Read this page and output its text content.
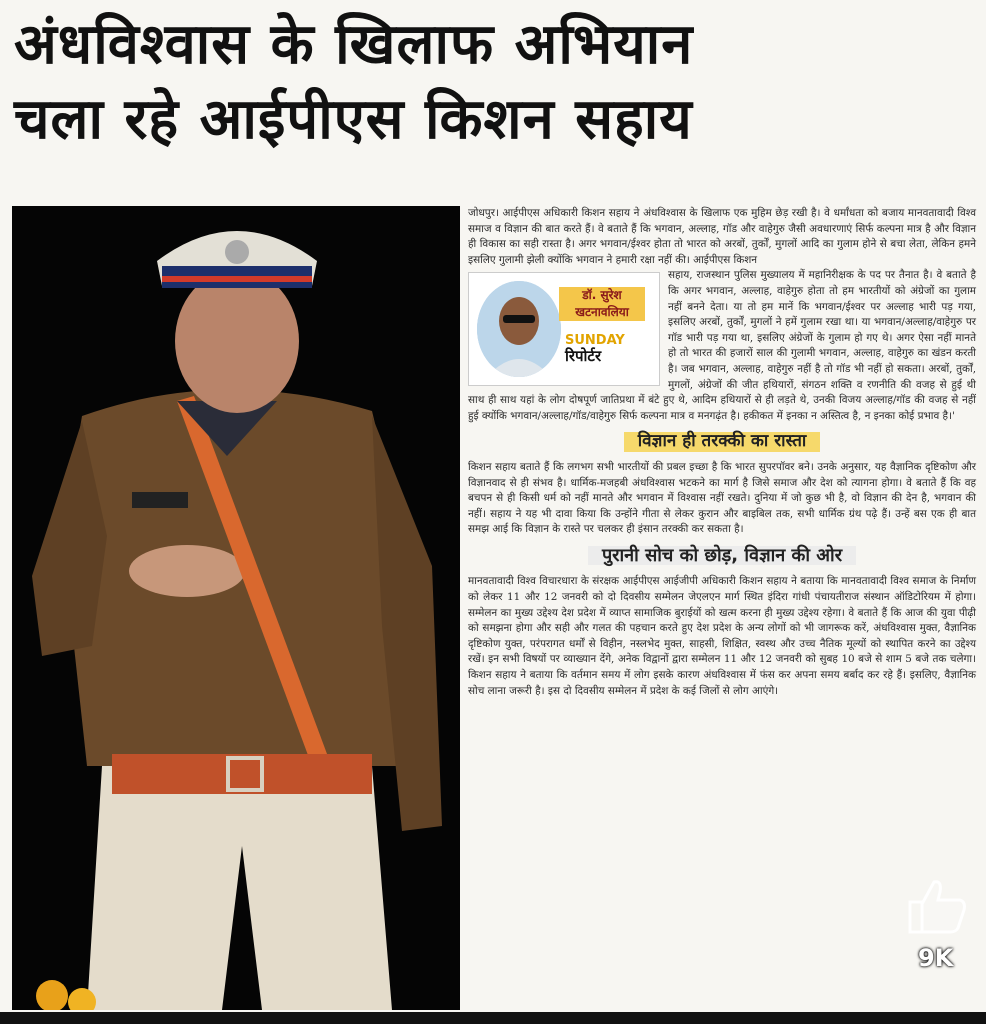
अंधविश्वास के खिलाफ अभियान
चला रहे आईपीएस किशन सहाय

जोधपुर। आईपीएस अधिकारी किशन सहाय ने अंधविश्वास के खिलाफ एक मुहिम छेड़ रखी है। वे धर्मांधता को बजाय मानवतावादी विश्व समाज व विज्ञान की बात करते हैं। वे बताते हैं कि भगवान, अल्लाह, गॉड और वाहेगुरु जैसी अवधारणाएं सिर्फ कल्पना मात्र है और विज्ञान ही विकास का सही रास्ता है। अगर भगवान/ईश्वर होता तो भारत को अरबों, तुर्कों, मुगलों आदि का गुलाम होने से बचा लेता, लेकिन हमने इसलिए गुलामी झेली क्योंकि भगवान ने हमारी रक्षा नहीं की। आईपीएस किशन

डॉ. सुरेश
खटनावलिया
SUNDAY
रिपोर्टर

सहाय, राजस्थान पुलिस मुख्यालय में महानिरीक्षक के पद पर तैनात है। वे बताते है कि अगर भगवान, अल्लाह, वाहेगुरु होता तो हम भारतीयों को अंग्रेजों का गुलाम नहीं बनने देता। या तो हम मानें कि भगवान/ईश्वर पर अल्लाह भारी पड़ गया, इसलिए अरबों, तुर्कों, मुगलों ने हमें गुलाम रखा था। या भगवान/अल्लाह/वाहेगुरु पर गॉड भारी पड़ गया था, इसलिए अंग्रेजों के गुलाम हो गए थे। अगर ऐसा नहीं मानते हो तो भारत की हजारों साल की गुलामी भगवान, अल्लाह, वाहेगुरु का खंडन करती है। जब भगवान, अल्लाह, वाहेगुरु नहीं है तो गॉड भी नहीं हो सकता। अरबों, तुर्कों, मुगलों, अंग्रेजों की जीत हथियारों, संगठन शक्ति व रणनीति की वजह से हुई थी साथ ही साथ यहां के लोग दोषपूर्ण जातिप्रथा में बंटे हुए थे, आदिम हथियारों से ही लड़ते थे, उनकी विजय अल्लाह/गॉड की वजह से नहीं हुई क्योंकि भगवान/अल्लाह/गॉड/वाहेगुरु सिर्फ कल्पना मात्र व मनगढ़ंत है। हकीकत में इनका न अस्तित्व है, न इनका कोई प्रभाव है।'

विज्ञान ही तरक्की का रास्ता

किशन सहाय बताते हैं कि लगभग सभी भारतीयों की प्रबल इच्छा है कि भारत सुपरपॉवर बने। उनके अनुसार, यह वैज्ञानिक दृष्टिकोण और विज्ञानवाद से ही संभव है। धार्मिक-मजहबी अंधविश्वास भटकने का मार्ग है जिसे समाज और देश को त्यागना होगा। वे बताते हैं कि वह बचपन से ही किसी धर्म को नहीं मानते और भगवान में विश्वास नहीं रखते। दुनिया में जो कुछ भी है, वो विज्ञान की देन है, भगवान की नहीं। सहाय ने यह भी दावा किया कि उन्होंने गीता से लेकर कुरान और बाइबिल तक, सभी धार्मिक ग्रंथ पढ़े हैं। उन्हें बस एक ही बात समझ आई कि विज्ञान के रास्ते पर चलकर ही इंसान तरक्की कर सकता है।

पुरानी सोच को छोड़, विज्ञान की ओर

मानवतावादी विश्व विचारधारा के संरक्षक आईपीएस आईजीपी अधिकारी किशन सहाय ने बताया कि मानवतावादी विश्व समाज के निर्माण को लेकर 11 और 12 जनवरी को दो दिवसीय सम्मेलन जेएलएन मार्ग स्थित इंदिरा गांधी पंचायतीराज संस्थान ऑडिटोरियम में होगा। सम्मेलन का मुख्य उद्देश्य देश प्रदेश में व्याप्त सामाजिक बुराईयों को खत्म करना ही मुख्य उद्देश्य रहेगा। वे बताते हैं कि आज की युवा पीढ़ी को समझना होगा और सही और गलत की पहचान करते हुए देश प्रदेश के अन्य लोगों को भी जागरूक करें, अंधविश्वास मुक्त, वैज्ञानिक दृष्टिकोण युक्त, परंपरागत धर्मों से विहीन, नस्लभेद मुक्त, साहसी, शिक्षित, स्वस्थ और उच्च नैतिक मूल्यों को स्थापित करने का उद्देश्य रखें। इन सभी विषयों पर व्याख्यान देंगे, अनेक विद्वानों द्वारा सम्मेलन 11 और 12 जनवरी को सुबह 10 बजे से शाम 5 बजे तक चलेगा। किशन सहाय ने बताया कि वर्तमान समय में लोग इसके कारण अंधविश्वास में फंस कर अपना समय बर्बाद कर रहे हैं। इसलिए, वैज्ञानिक सोच लाना जरूरी है। इस दो दिवसीय सम्मेलन में प्रदेश के कई जिलों से लोग आएंगे।

9K
